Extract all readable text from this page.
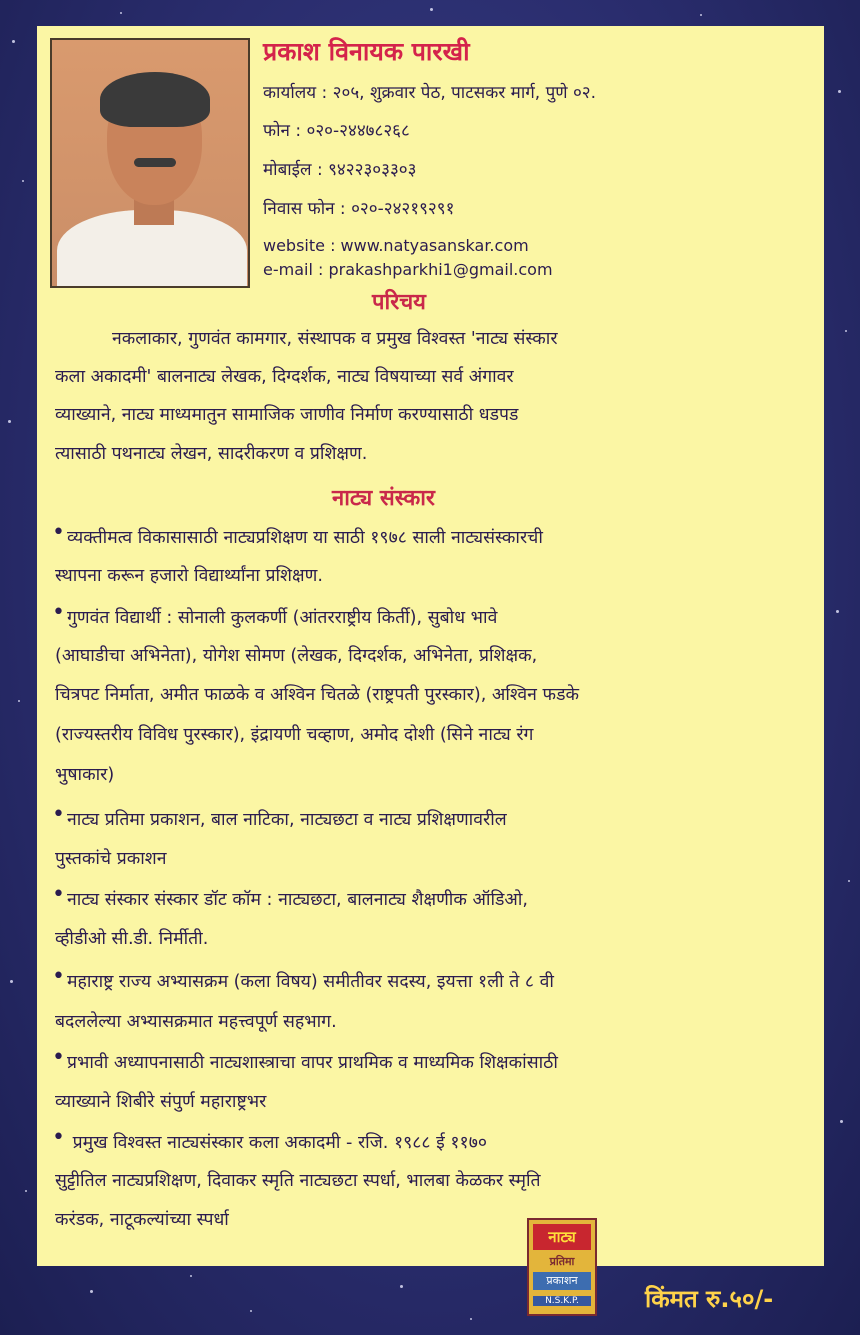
प्रकाश विनायक पारखी
कार्यालय : २०५, शुक्रवार पेठ, पाटसकर मार्ग, पुणे ०२.
फोन : ०२०-२४४७८२६८
मोबाईल : ९४२२३०३३०३
निवास फोन : ०२०-२४२१९२९१
website : www.natyasanskar.com
e-mail : prakashparkhi1@gmail.com
परिचय
नकलाकार, गुणवंत कामगार, संस्थापक व प्रमुख विश्वस्त 'नाट्य संस्कार
कला अकादमी' बालनाट्य लेखक, दिग्दर्शक, नाट्य विषयाच्या सर्व अंगावर
व्याख्याने, नाट्य माध्यमातुन सामाजिक जाणीव निर्माण करण्यासाठी धडपड
त्यासाठी पथनाट्य लेखन, सादरीकरण व प्रशिक्षण.
नाट्य संस्कार
• व्यक्तीमत्व विकासासाठी नाट्यप्रशिक्षण या साठी १९७८ साली नाट्यसंस्कारची
स्थापना करून हजारो विद्यार्थ्यांना प्रशिक्षण.
• गुणवंत विद्यार्थी : सोनाली कुलकर्णी (आंतरराष्ट्रीय किर्ती), सुबोध भावे
(आघाडीचा अभिनेता), योगेश सोमण (लेखक, दिग्दर्शक, अभिनेता, प्रशिक्षक,
चित्रपट निर्माता, अमीत फाळके व अश्विन चितळे (राष्ट्रपती पुरस्कार), अश्विन फडके
(राज्यस्तरीय विविध पुरस्कार), इंद्रायणी चव्हाण, अमोद दोशी (सिने नाट्य रंग
भुषाकार)
• नाट्य प्रतिमा प्रकाशन, बाल नाटिका, नाट्यछटा व नाट्य प्रशिक्षणावरील
पुस्तकांचे प्रकाशन
• नाट्य संस्कार संस्कार डॉट कॉम : नाट्यछटा, बालनाट्य शैक्षणीक ऑडिओ,
व्हीडीओ सी.डी. निर्मीती.
• महाराष्ट्र राज्य अभ्यासक्रम (कला विषय) समीतीवर सदस्य, इयत्ता १ली ते ८ वी
बदललेल्या अभ्यासक्रमात महत्त्वपूर्ण सहभाग.
• प्रभावी अध्यापनासाठी नाट्यशास्त्राचा वापर प्राथमिक व माध्यमिक शिक्षकांसाठी
व्याख्याने शिबीरे संपुर्ण महाराष्ट्रभर
• प्रमुख विश्वस्त नाट्यसंस्कार कला अकादमी - रजि. १९८८ ई ११७०
सुट्टीतिल नाट्यप्रशिक्षण, दिवाकर स्मृति नाट्यछटा स्पर्धा, भालबा केळकर स्मृति
करंडक, नाटूकल्यांच्या स्पर्धा
नाट्य
प्रतिमा
प्रकाशन
N.S.K.P.	किंमत रु.५०/-
